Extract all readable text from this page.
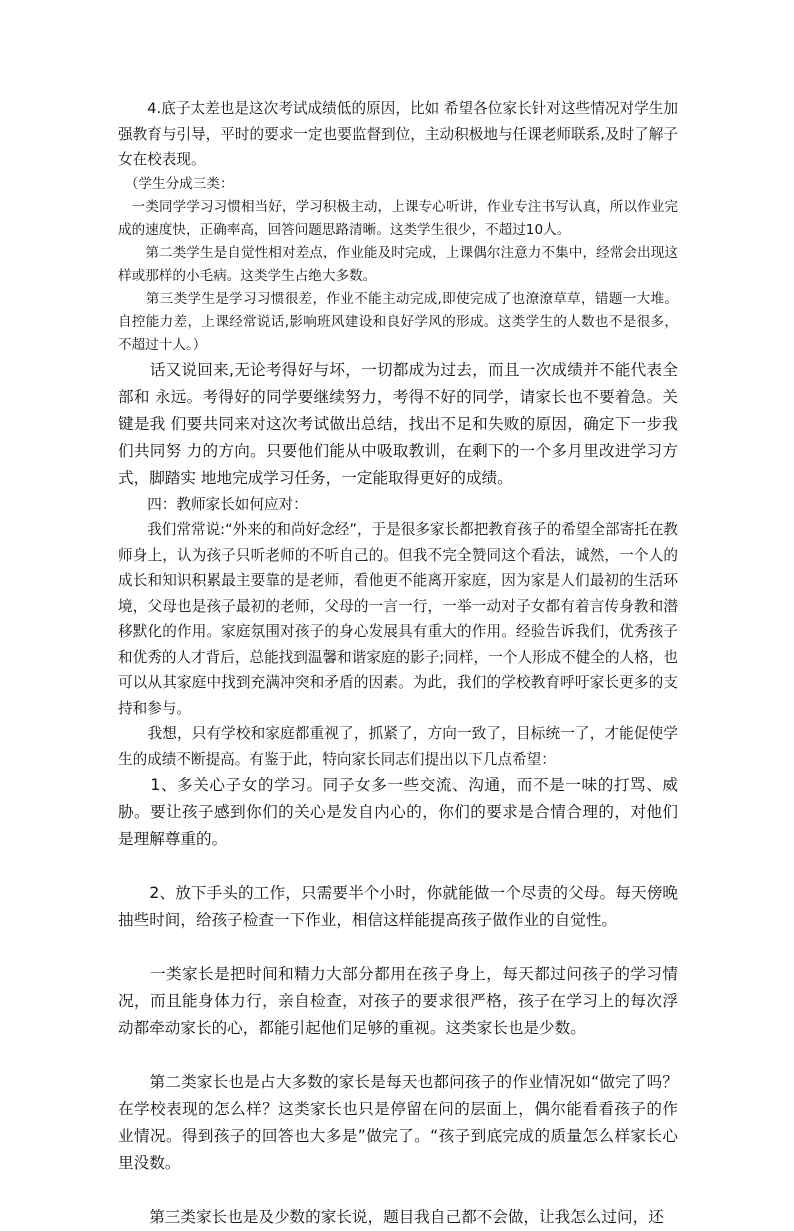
　　4.底子太差也是这次考试成绩低的原因，比如 希望各位家长针对这些情况对学生加强教育与引导，平时的要求一定也要监督到位，主动积极地与任课老师联系,及时了解子女在校表现。

　（学生分成三类：

　一类同学学习习惯相当好，学习积极主动，上课专心听讲，作业专注书写认真，所以作业完成的速度快，正确率高，回答问题思路清晰。这类学生很少，不超过10人。

　　第二类学生是自觉性相对差点，作业能及时完成，上课偶尔注意力不集中，经常会出现这样或那样的小毛病。这类学生占绝大多数。

　　第三类学生是学习习惯很差，作业不能主动完成,即使完成了也潦潦草草，错题一大堆。自控能力差，上课经常说话,影响班风建设和良好学风的形成。这类学生的人数也不是很多，不超过十人。）

　　话又说回来,无论考得好与坏，一切都成为过去，而且一次成绩并不能代表全部和 永远。考得好的同学要继续努力，考得不好的同学，请家长也不要着急。关键是我 们要共同来对这次考试做出总结，找出不足和失败的原因，确定下一步我们共同努 力的方向。只要他们能从中吸取教训，在剩下的一个多月里改进学习方式，脚踏实 地地完成学习任务，一定能取得更好的成绩。

　　四：教师家长如何应对：

　　我们常常说:“外来的和尚好念经”，于是很多家长都把教育孩子的希望全部寄托在教师身上，认为孩子只听老师的不听自己的。但我不完全赞同这个看法，诚然，一个人的成长和知识积累最主要靠的是老师，看他更不能离开家庭，因为家是人们最初的生活环境，父母也是孩子最初的老师，父母的一言一行，一举一动对子女都有着言传身教和潜移默化的作用。家庭氛围对孩子的身心发展具有重大的作用。经验告诉我们，优秀孩子和优秀的人才背后，总能找到温馨和谐家庭的影子;同样，一个人形成不健全的人格，也可以从其家庭中找到充满冲突和矛盾的因素。为此，我们的学校教育呼吁家长更多的支持和参与。

　　我想，只有学校和家庭都重视了，抓紧了，方向一致了，目标统一了，才能促使学生的成绩不断提高。有鉴于此，特向家长同志们提出以下几点希望：

　　1、多关心子女的学习。同子女多一些交流、沟通，而不是一味的打骂、威胁。要让孩子感到你们的关心是发自内心的，你们的要求是合情合理的，对他们是理解尊重的。

　　2、放下手头的工作，只需要半个小时，你就能做一个尽责的父母。每天傍晚抽些时间，给孩子检查一下作业，相信这样能提高孩子做作业的自觉性。

　　一类家长是把时间和精力大部分都用在孩子身上，每天都过问孩子的学习情况，而且能身体力行，亲自检查，对孩子的要求很严格，孩子在学习上的每次浮动都牵动家长的心，都能引起他们足够的重视。这类家长也是少数。

　　第二类家长也是占大多数的家长是每天也都问孩子的作业情况如“做完了吗？在学校表现的怎么样？这类家长也只是停留在问的层面上，偶尔能看看孩子的作业情况。得到孩子的回答也大多是”做完了。“孩子到底完成的质量怎么样家长心里没数。

　　第三类家长也是及少数的家长说，题目我自己都不会做，让我怎么过问，还
